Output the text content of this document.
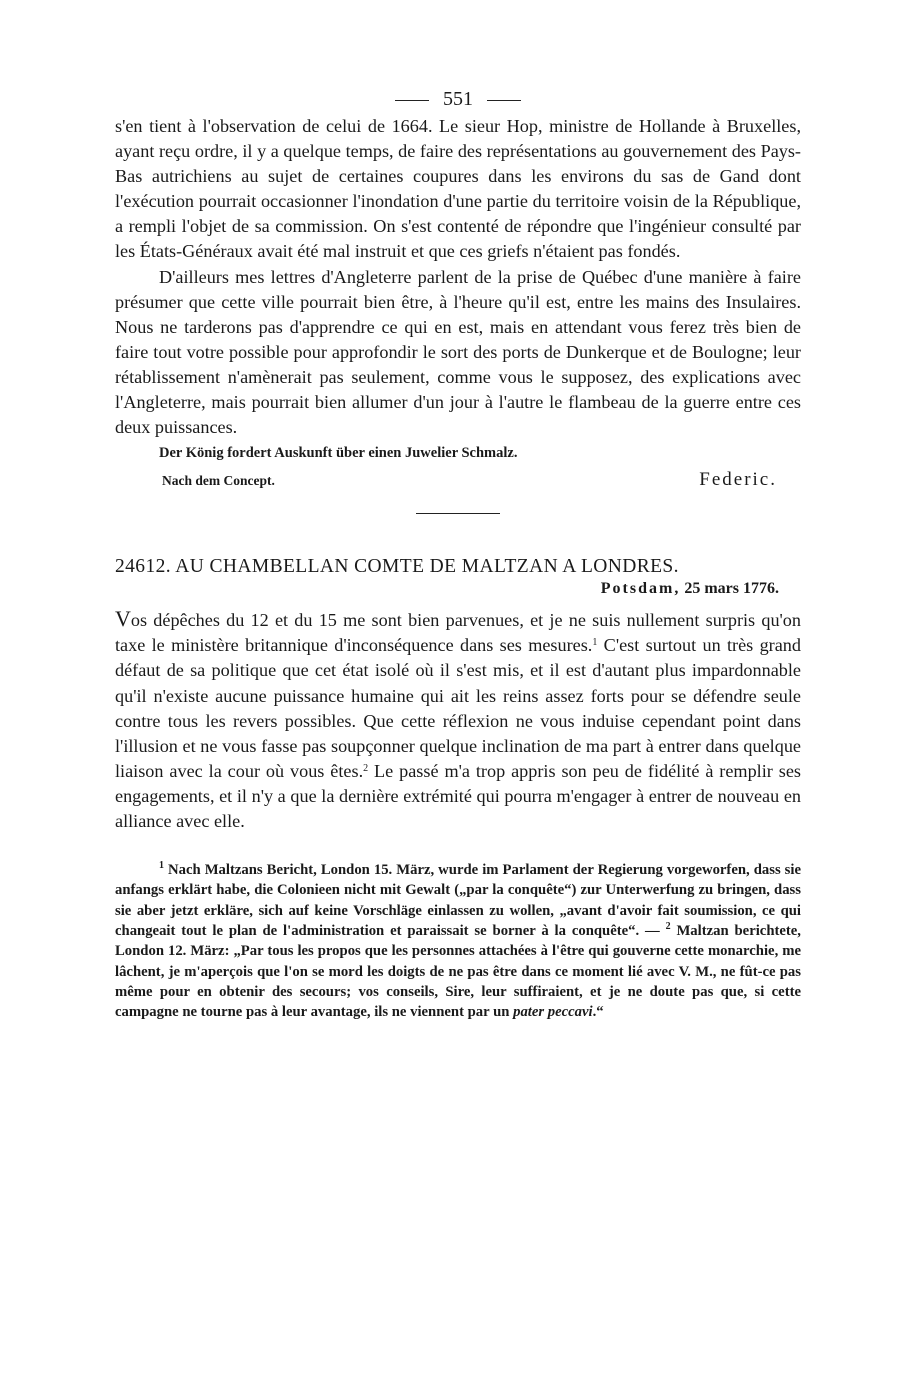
551

s'en tient à l'observation de celui de 1664. Le sieur Hop, ministre de Hollande à Bruxelles, ayant reçu ordre, il y a quelque temps, de faire des représentations au gouvernement des Pays-Bas autrichiens au sujet de certaines coupures dans les environs du sas de Gand dont l'exécution pourrait occasionner l'inondation d'une partie du territoire voisin de la République, a rempli l'objet de sa commission. On s'est contenté de répondre que l'ingénieur consulté par les États-Généraux avait été mal instruit et que ces griefs n'étaient pas fondés.

D'ailleurs mes lettres d'Angleterre parlent de la prise de Québec d'une manière à faire présumer que cette ville pourrait bien être, à l'heure qu'il est, entre les mains des Insulaires. Nous ne tarderons pas d'apprendre ce qui en est, mais en attendant vous ferez très bien de faire tout votre possible pour approfondir le sort des ports de Dunkerque et de Boulogne; leur rétablissement n'amènerait pas seulement, comme vous le supposez, des explications avec l'Angleterre, mais pourrait bien allumer d'un jour à l'autre le flambeau de la guerre entre ces deux puissances.

Der König fordert Auskunft über einen Juwelier Schmalz.

Nach dem Concept.	Federic.
24612. AU CHAMBELLAN COMTE DE MALTZAN A LONDRES.
Potsdam, 25 mars 1776.

Vos dépêches du 12 et du 15 me sont bien parvenues, et je ne suis nullement surpris qu'on taxe le ministère britannique d'inconséquence dans ses mesures.$^1$ C'est surtout un très grand défaut de sa politique que cet état isolé où il s'est mis, et il est d'autant plus impardonnable qu'il n'existe aucune puissance humaine qui ait les reins assez forts pour se défendre seule contre tous les revers possibles. Que cette réflexion ne vous induise cependant point dans l'illusion et ne vous fasse pas soupçonner quelque inclination de ma part à entrer dans quelque liaison avec la cour où vous êtes.$^2$ Le passé m'a trop appris son peu de fidélité à remplir ses engagements, et il n'y a que la dernière extrémité qui pourra m'engager à entrer de nouveau en alliance avec elle.

$^1$ Nach Maltzans Bericht, London 15. März, wurde im Parlament der Regierung vorgeworfen, dass sie anfangs erklärt habe, die Colonieen nicht mit Gewalt („par la conquête“) zur Unterwerfung zu bringen, dass sie aber jetzt erkläre, sich auf keine Vorschläge einlassen zu wollen, „avant d'avoir fait soumission, ce qui changeait tout le plan de l'administration et paraissait se borner à la conquête“. — $^2$ Maltzan berichtete, London 12. März: „Par tous les propos que les personnes attachées à l'être qui gouverne cette monarchie, me lâchent, je m'aperçois que l'on se mord les doigts de ne pas être dans ce moment lié avec V. M., ne fût-ce pas même pour en obtenir des secours; vos conseils, Sire, leur suffiraient, et je ne doute pas que, si cette campagne ne tourne pas à leur avantage, ils ne viennent par un pater peccavi.“
